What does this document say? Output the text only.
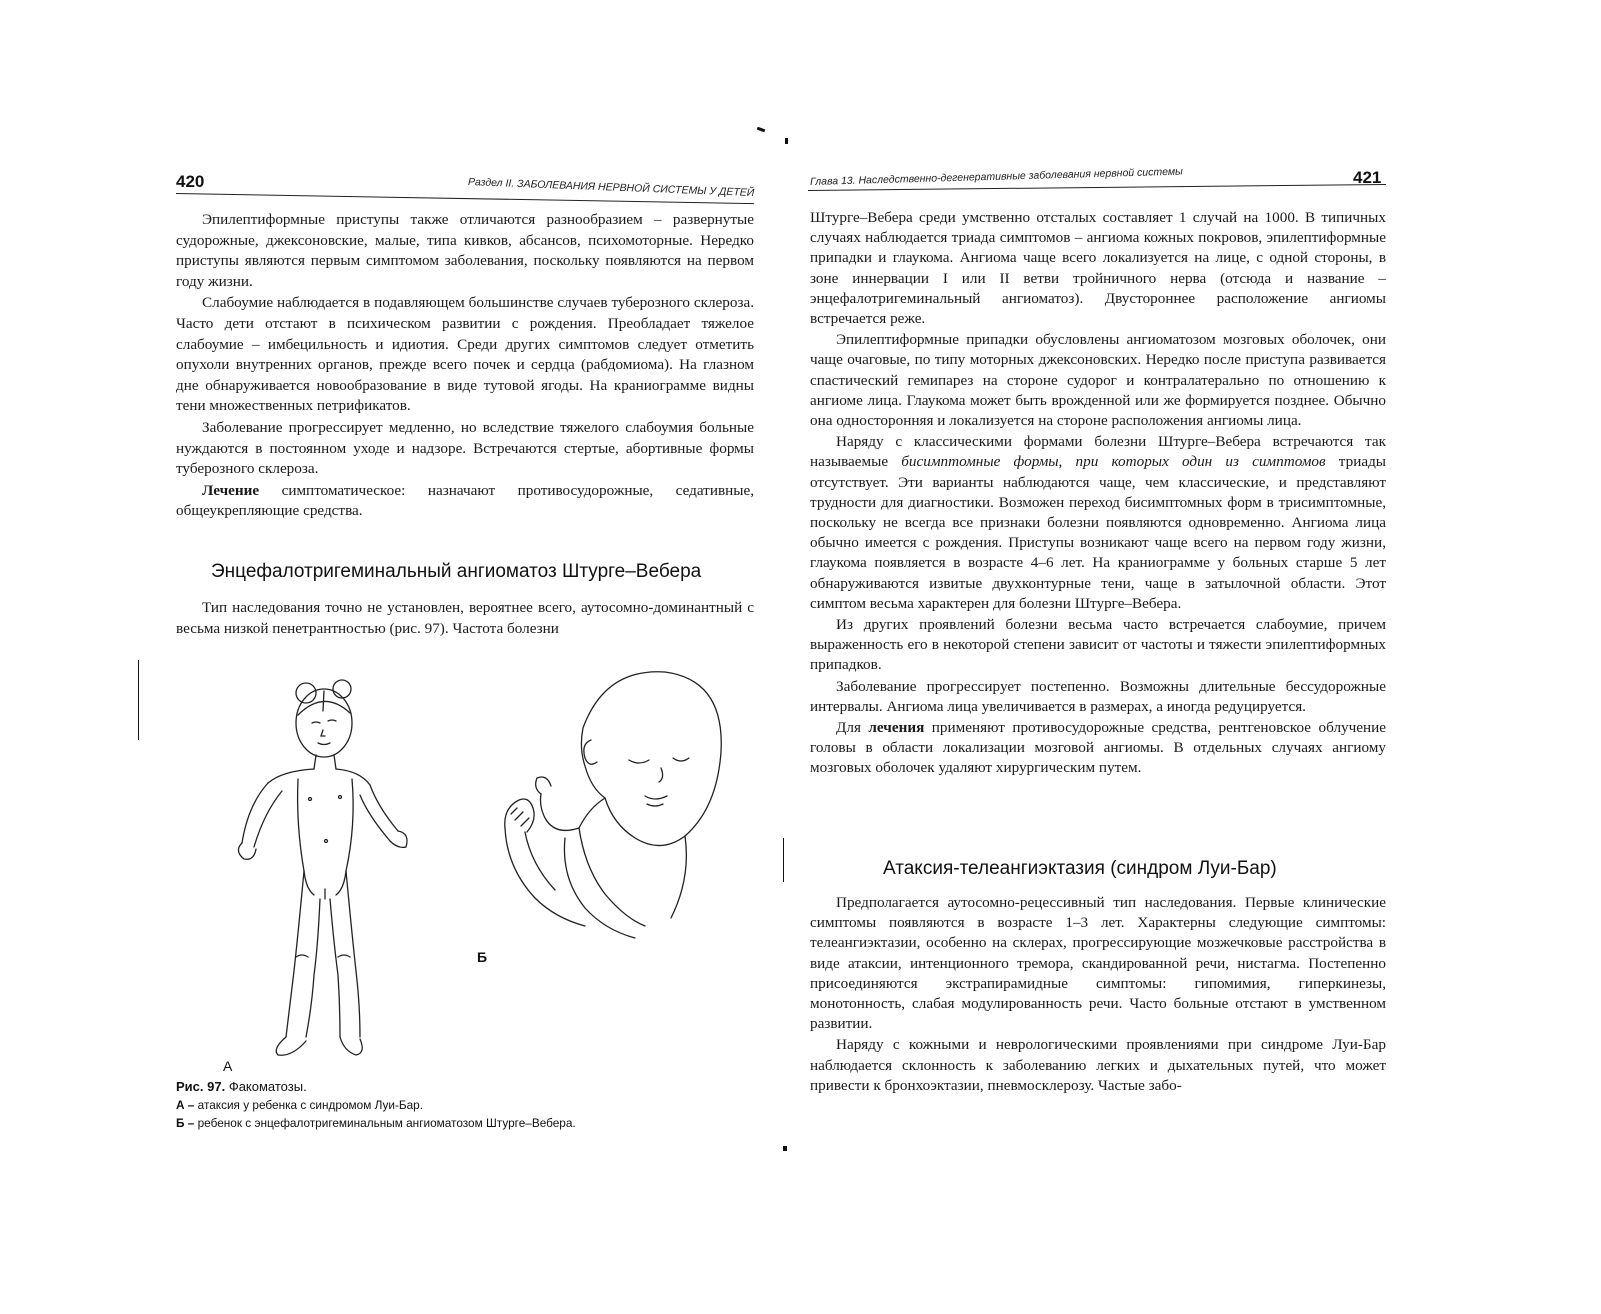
420	Раздел II. ЗАБОЛЕВАНИЯ НЕРВНОЙ СИСТЕМЫ У ДЕТЕЙ

Эпилептиформные приступы также отличаются разнообразием – развернутые судорожные, джексоновские, малые, типа кивков, абсансов, психомоторные. Нередко приступы являются первым симптомом заболевания, поскольку появляются на первом году жизни.

Слабоумие наблюдается в подавляющем большинстве случаев туберозного склероза. Часто дети отстают в психическом развитии с рождения. Преобладает тяжелое слабоумие – имбецильность и идиотия. Среди других симптомов следует отметить опухоли внутренних органов, прежде всего почек и сердца (рабдомиома). На глазном дне обнаруживается новообразование в виде тутовой ягоды. На краниограмме видны тени множественных петрификатов.

Заболевание прогрессирует медленно, но вследствие тяжелого слабоумия больные нуждаются в постоянном уходе и надзоре. Встречаются стертые, абортивные формы туберозного склероза.

Лечение симптоматическое: назначают противосудорожные, седативные, общеукрепляющие средства.

Энцефалотригеминальный ангиоматоз Штурге–Вебера

Тип наследования точно не установлен, вероятнее всего, аутосомно-доминантный с весьма низкой пенетрантностью (рис. 97). Частота болезни

А
Б
Рис. 97. Факоматозы.
А – атаксия у ребенка с синдромом Луи-Бар.
Б – ребенок с энцефалотригеминальным ангиоматозом Штурге–Вебера.
Глава 13. Наследственно-дегенеративные заболевания нервной системы	421

Штурге–Вебера среди умственно отсталых составляет 1 случай на 1000. В типичных случаях наблюдается триада симптомов – ангиома кожных покровов, эпилептиформные припадки и глаукома. Ангиома чаще всего локализуется на лице, с одной стороны, в зоне иннервации I или II ветви тройничного нерва (отсюда и название – энцефалотригеминальный ангиоматоз). Двустороннее расположение ангиомы встречается реже.

Эпилептиформные припадки обусловлены ангиоматозом мозговых оболочек, они чаще очаговые, по типу моторных джексоновских. Нередко после приступа развивается спастический гемипарез на стороне судорог и контралатерально по отношению к ангиоме лица. Глаукома может быть врожденной или же формируется позднее. Обычно она односторонняя и локализуется на стороне расположения ангиомы лица.

Наряду с классическими формами болезни Штурге–Вебера встречаются так называемые бисимптомные формы, при которых один из симптомов триады отсутствует. Эти варианты наблюдаются чаще, чем классические, и представляют трудности для диагностики. Возможен переход бисимптомных форм в трисимптомные, поскольку не всегда все признаки болезни появляются одновременно. Ангиома лица обычно имеется с рождения. Приступы возникают чаще всего на первом году жизни, глаукома появляется в возрасте 4–6 лет. На краниограмме у больных старше 5 лет обнаруживаются извитые двухконтурные тени, чаще в затылочной области. Этот симптом весьма характерен для болезни Штурге–Вебера.

Из других проявлений болезни весьма часто встречается слабоумие, причем выраженность его в некоторой степени зависит от частоты и тяжести эпилептиформных припадков.

Заболевание прогрессирует постепенно. Возможны длительные бессудорожные интервалы. Ангиома лица увеличивается в размерах, а иногда редуцируется.

Для лечения применяют противосудорожные средства, рентгеновское облучение головы в области локализации мозговой ангиомы. В отдельных случаях ангиому мозговых оболочек удаляют хирургическим путем.

Атаксия-телеангиэктазия (синдром Луи-Бар)

Предполагается аутосомно-рецессивный тип наследования. Первые клинические симптомы появляются в возрасте 1–3 лет. Характерны следующие симптомы: телеангиэктазии, особенно на склерах, прогрессирующие мозжечковые расстройства в виде атаксии, интенционного тремора, скандированной речи, нистагма. Постепенно присоединяются экстрапирамидные симптомы: гипомимия, гиперкинезы, монотонность, слабая модулированность речи. Часто больные отстают в умственном развитии.

Наряду с кожными и неврологическими проявлениями при синдроме Луи-Бар наблюдается склонность к заболеванию легких и дыхательных путей, что может привести к бронхоэктазии, пневмосклерозу. Частые забо-
